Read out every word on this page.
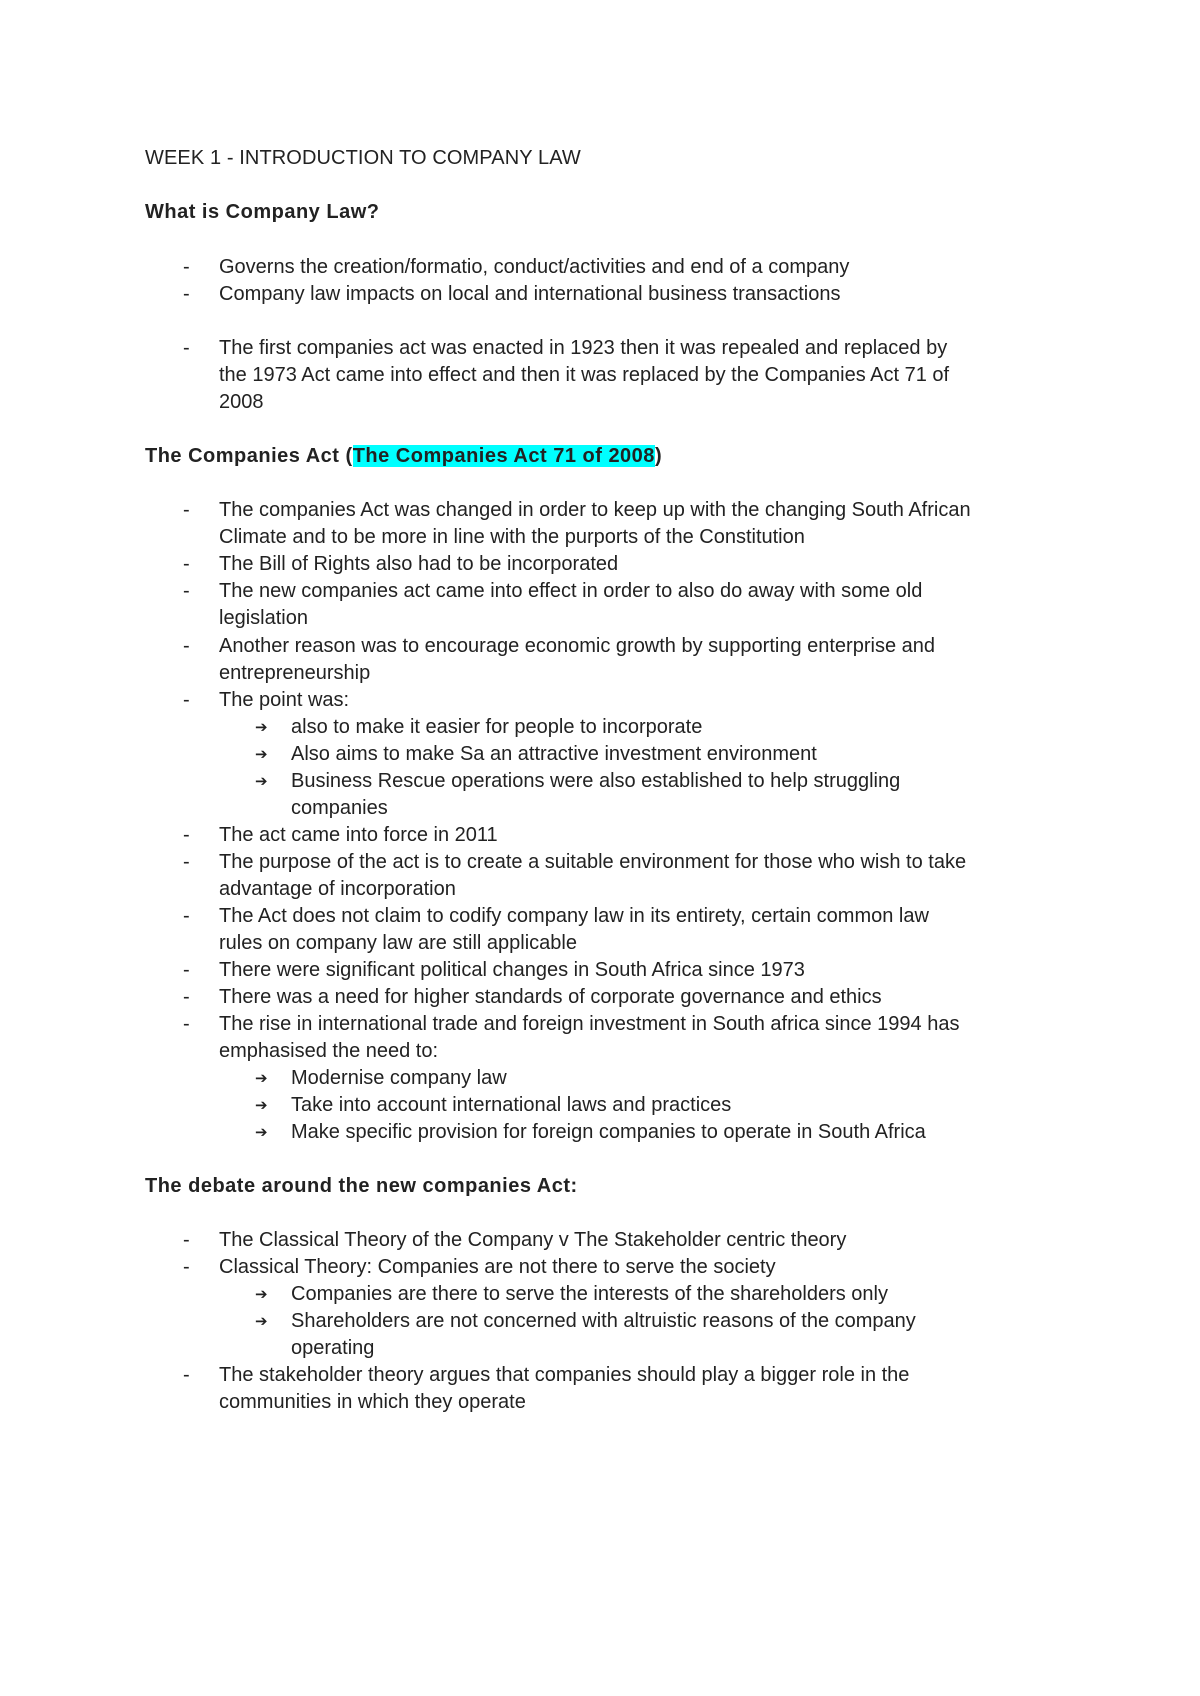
WEEK 1 - INTRODUCTION TO COMPANY LAW
What is Company Law?
- Governs the creation/formatio, conduct/activities and end of a company
- Company law impacts on local and international business transactions
- The first companies act was enacted in 1923 then it was repealed and replaced by
the 1973 Act came into effect and then it was replaced by the Companies Act 71 of
2008
The Companies Act (The Companies Act 71 of 2008)
- The companies Act was changed in order to keep up with the changing South African
Climate and to be more in line with the purports of the Constitution
- The Bill of Rights also had to be incorporated
- The new companies act came into effect in order to also do away with some old
legislation
- Another reason was to encourage economic growth by supporting enterprise and
entrepreneurship
- The point was:
➔ also to make it easier for people to incorporate
➔ Also aims to make Sa an attractive investment environment
➔ Business Rescue operations were also established to help struggling
companies
- The act came into force in 2011
- The purpose of the act is to create a suitable environment for those who wish to take
advantage of incorporation
- The Act does not claim to codify company law in its entirety, certain common law
rules on company law are still applicable
- There were significant political changes in South Africa since 1973
- There was a need for higher standards of corporate governance and ethics
- The rise in international trade and foreign investment in South africa since 1994 has
emphasised the need to:
➔ Modernise company law
➔ Take into account international laws and practices
➔ Make specific provision for foreign companies to operate in South Africa
The debate around the new companies Act:
- The Classical Theory of the Company v The Stakeholder centric theory
- Classical Theory: Companies are not there to serve the society
➔ Companies are there to serve the interests of the shareholders only
➔ Shareholders are not concerned with altruistic reasons of the company
operating
- The stakeholder theory argues that companies should play a bigger role in the
communities in which they operate
